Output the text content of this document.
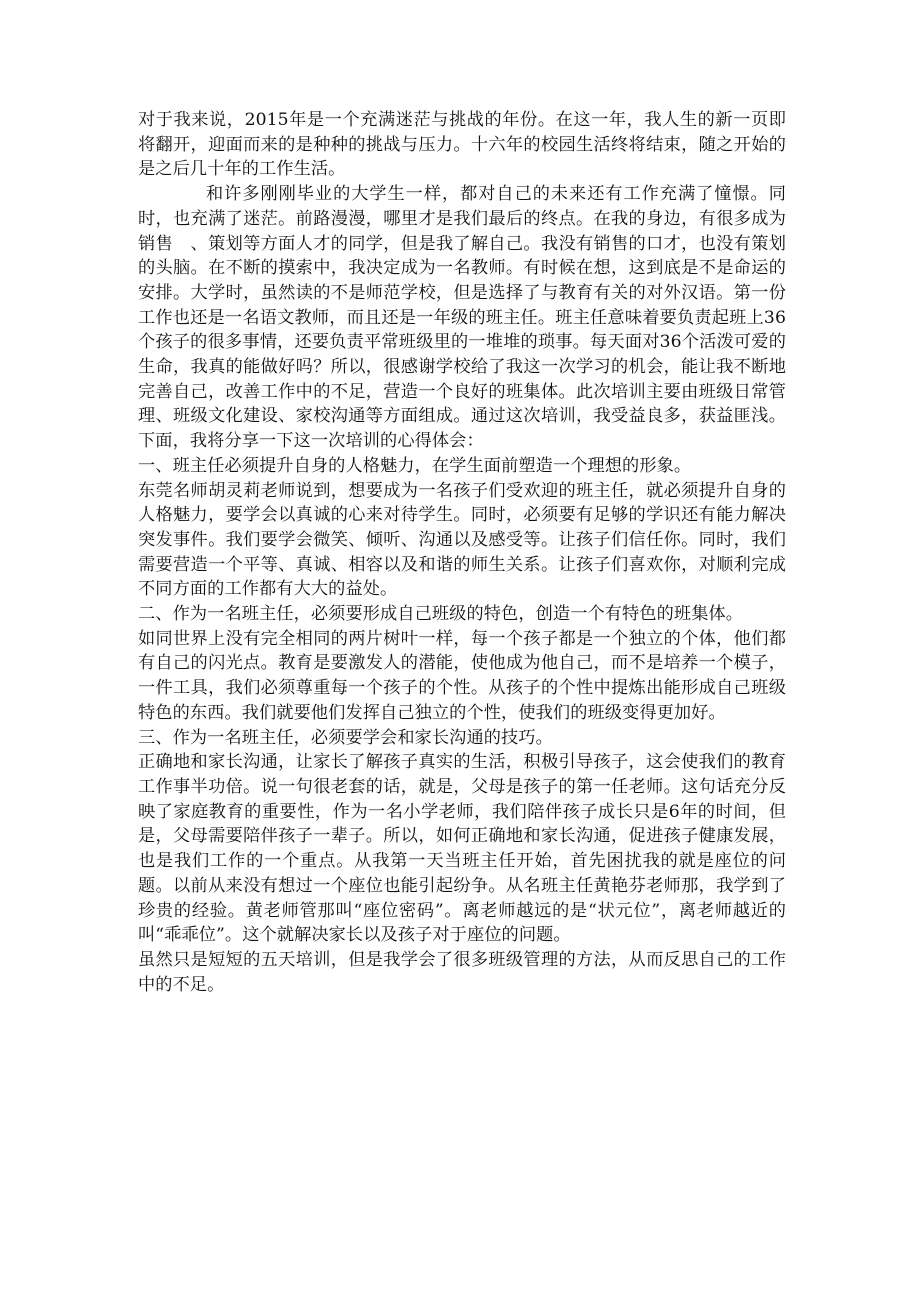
对于我来说，2015年是一个充满迷茫与挑战的年份。在这一年，我人生的新一页即将翻开，迎面而来的是种种的挑战与压力。十六年的校园生活终将结束，随之开始的是之后几十年的工作生活。

和许多刚刚毕业的大学生一样，都对自己的未来还有工作充满了憧憬。同时，也充满了迷茫。前路漫漫，哪里才是我们最后的终点。在我的身边，有很多成为销售　、策划等方面人才的同学，但是我了解自己。我没有销售的口才，也没有策划的头脑。在不断的摸索中，我决定成为一名教师。有时候在想，这到底是不是命运的安排。大学时，虽然读的不是师范学校，但是选择了与教育有关的对外汉语。第一份工作也还是一名语文教师，而且还是一年级的班主任。班主任意味着要负责起班上36个孩子的很多事情，还要负责平常班级里的一堆堆的琐事。每天面对36个活泼可爱的生命，我真的能做好吗？所以，很感谢学校给了我这一次学习的机会，能让我不断地完善自己，改善工作中的不足，营造一个良好的班集体。此次培训主要由班级日常管理、班级文化建设、家校沟通等方面组成。通过这次培训，我受益良多，获益匪浅。下面，我将分享一下这一次培训的心得体会：

一、班主任必须提升自身的人格魅力，在学生面前塑造一个理想的形象。

东莞名师胡灵莉老师说到，想要成为一名孩子们受欢迎的班主任，就必须提升自身的人格魅力，要学会以真诚的心来对待学生。同时，必须要有足够的学识还有能力解决突发事件。我们要学会微笑、倾听、沟通以及感受等。让孩子们信任你。同时，我们需要营造一个平等、真诚、相容以及和谐的师生关系。让孩子们喜欢你，对顺利完成不同方面的工作都有大大的益处。

二、作为一名班主任，必须要形成自己班级的特色，创造一个有特色的班集体。

如同世界上没有完全相同的两片树叶一样，每一个孩子都是一个独立的个体，他们都有自己的闪光点。教育是要激发人的潜能，使他成为他自己，而不是培养一个模子，一件工具，我们必须尊重每一个孩子的个性。从孩子的个性中提炼出能形成自己班级特色的东西。我们就要他们发挥自己独立的个性，使我们的班级变得更加好。

三、作为一名班主任，必须要学会和家长沟通的技巧。

正确地和家长沟通，让家长了解孩子真实的生活，积极引导孩子，这会使我们的教育工作事半功倍。说一句很老套的话，就是，父母是孩子的第一任老师。这句话充分反映了家庭教育的重要性，作为一名小学老师，我们陪伴孩子成长只是6年的时间，但是，父母需要陪伴孩子一辈子。所以，如何正确地和家长沟通，促进孩子健康发展，也是我们工作的一个重点。从我第一天当班主任开始，首先困扰我的就是座位的问题。以前从来没有想过一个座位也能引起纷争。从名班主任黄艳芬老师那，我学到了珍贵的经验。黄老师管那叫“座位密码”。离老师越远的是“状元位”，离老师越近的叫“乖乖位”。这个就解决家长以及孩子对于座位的问题。

虽然只是短短的五天培训，但是我学会了很多班级管理的方法，从而反思自己的工作中的不足。
